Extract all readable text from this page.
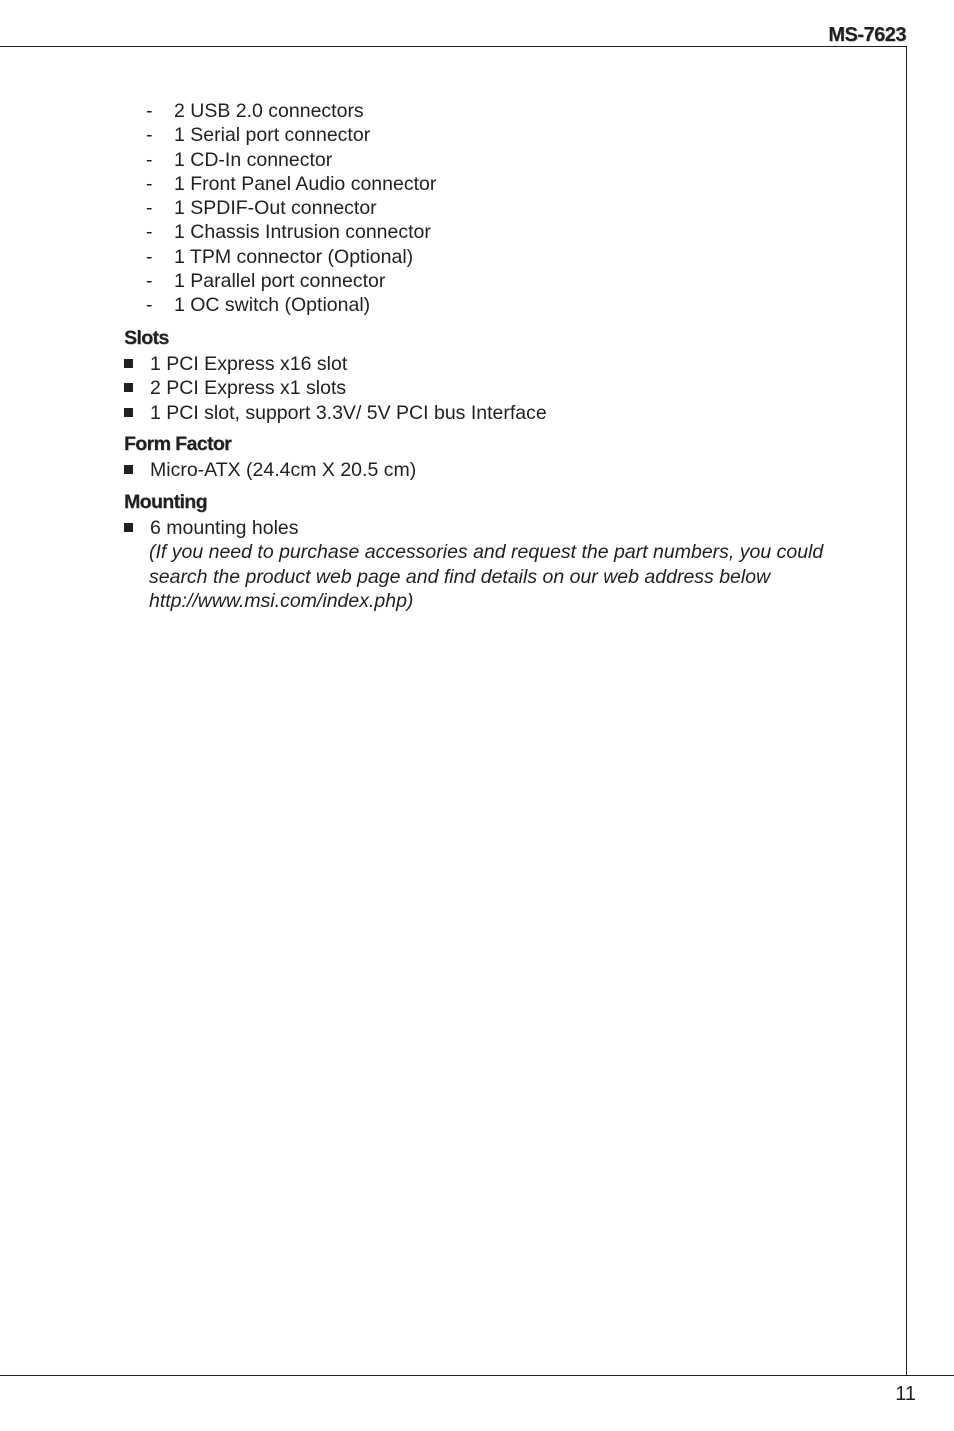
MS-7623
- 2 USB 2.0 connectors
- 1 Serial port connector
- 1 CD-In connector
- 1 Front Panel Audio connector
- 1 SPDIF-Out connector
- 1 Chassis Intrusion connector
- 1 TPM connector (Optional)
- 1 Parallel port connector
- 1 OC switch (Optional)
Slots
1 PCI Express x16 slot
2 PCI Express x1 slots
1 PCI slot, support 3.3V/ 5V PCI bus Interface
Form Factor
Micro-ATX (24.4cm X 20.5 cm)
Mounting
6 mounting holes
(If you need to purchase accessories and request the part numbers, you could
search the product web page and find details on our web address below
http://www.msi.com/index.php)
11
